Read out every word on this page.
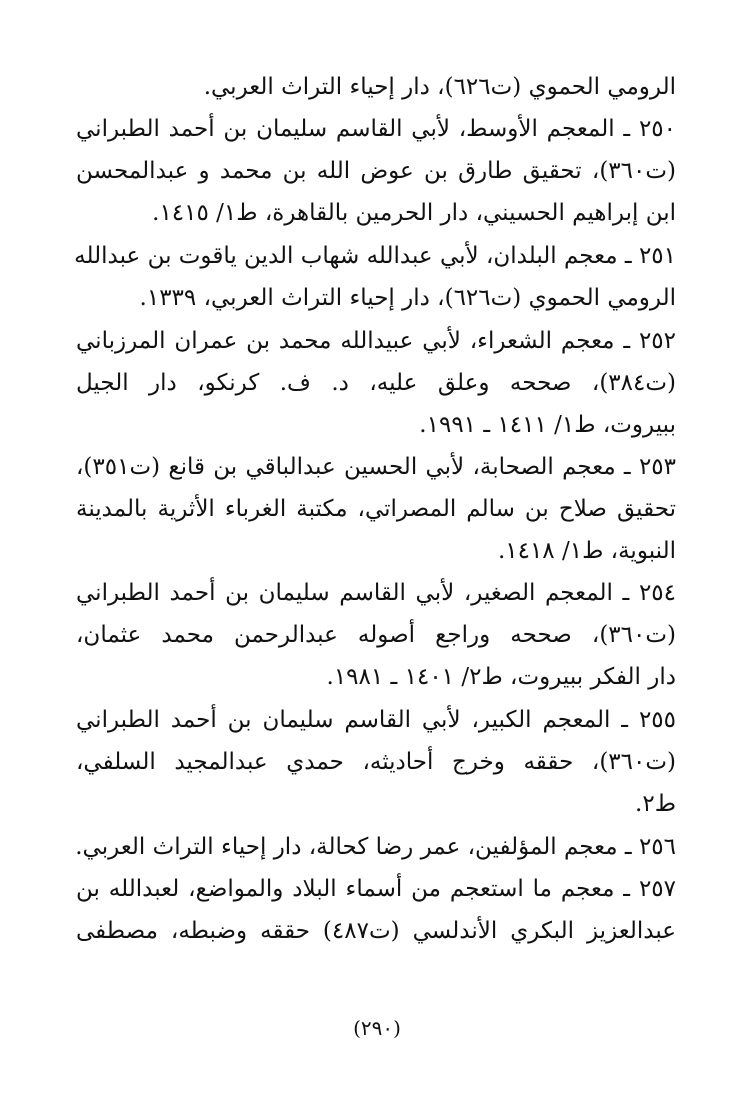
الرومي الحموي (ت٦٢٦)، دار إحياء التراث العربي.
٢٥٠ ـ المعجم الأوسط، لأبي القاسم سليمان بن أحمد الطبراني
(ت٣٦٠)، تحقيق طارق بن عوض الله بن محمد و عبدالمحسن
ابن إبراهيم الحسيني، دار الحرمين بالقاهرة، ط١/ ١٤١٥.
٢٥١ ـ معجم البلدان، لأبي عبدالله شهاب الدين ياقوت بن عبدالله
الرومي الحموي (ت٦٢٦)، دار إحياء التراث العربي، ١٣٣٩.
٢٥٢ ـ معجم الشعراء، لأبي عبيدالله محمد بن عمران المرزباني
(ت٣٨٤)، صححه وعلق عليه، د. ف. كرنكو، دار الجيل
ببيروت، ط١/ ١٤١١ ـ ١٩٩١.
٢٥٣ ـ معجم الصحابة، لأبي الحسين عبدالباقي بن قانع (ت٣٥١)،
تحقيق صلاح بن سالم المصراتي، مكتبة الغرباء الأثرية بالمدينة
النبوية، ط١/ ١٤١٨.
٢٥٤ ـ المعجم الصغير، لأبي القاسم سليمان بن أحمد الطبراني
(ت٣٦٠)، صححه وراجع أصوله عبدالرحمن محمد عثمان،
دار الفكر ببيروت، ط٢/ ١٤٠١ ـ ١٩٨١.
٢٥٥ ـ المعجم الكبير، لأبي القاسم سليمان بن أحمد الطبراني
(ت٣٦٠)، حققه وخرج أحاديثه، حمدي عبدالمجيد السلفي،
ط٢.
٢٥٦ ـ معجم المؤلفين، عمر رضا كحالة، دار إحياء التراث العربي.
٢٥٧ ـ معجم ما استعجم من أسماء البلاد والمواضع، لعبدالله بن
عبدالعزيز البكري الأندلسي (ت٤٨٧) حققه وضبطه، مصطفى
(٢٩٠)
